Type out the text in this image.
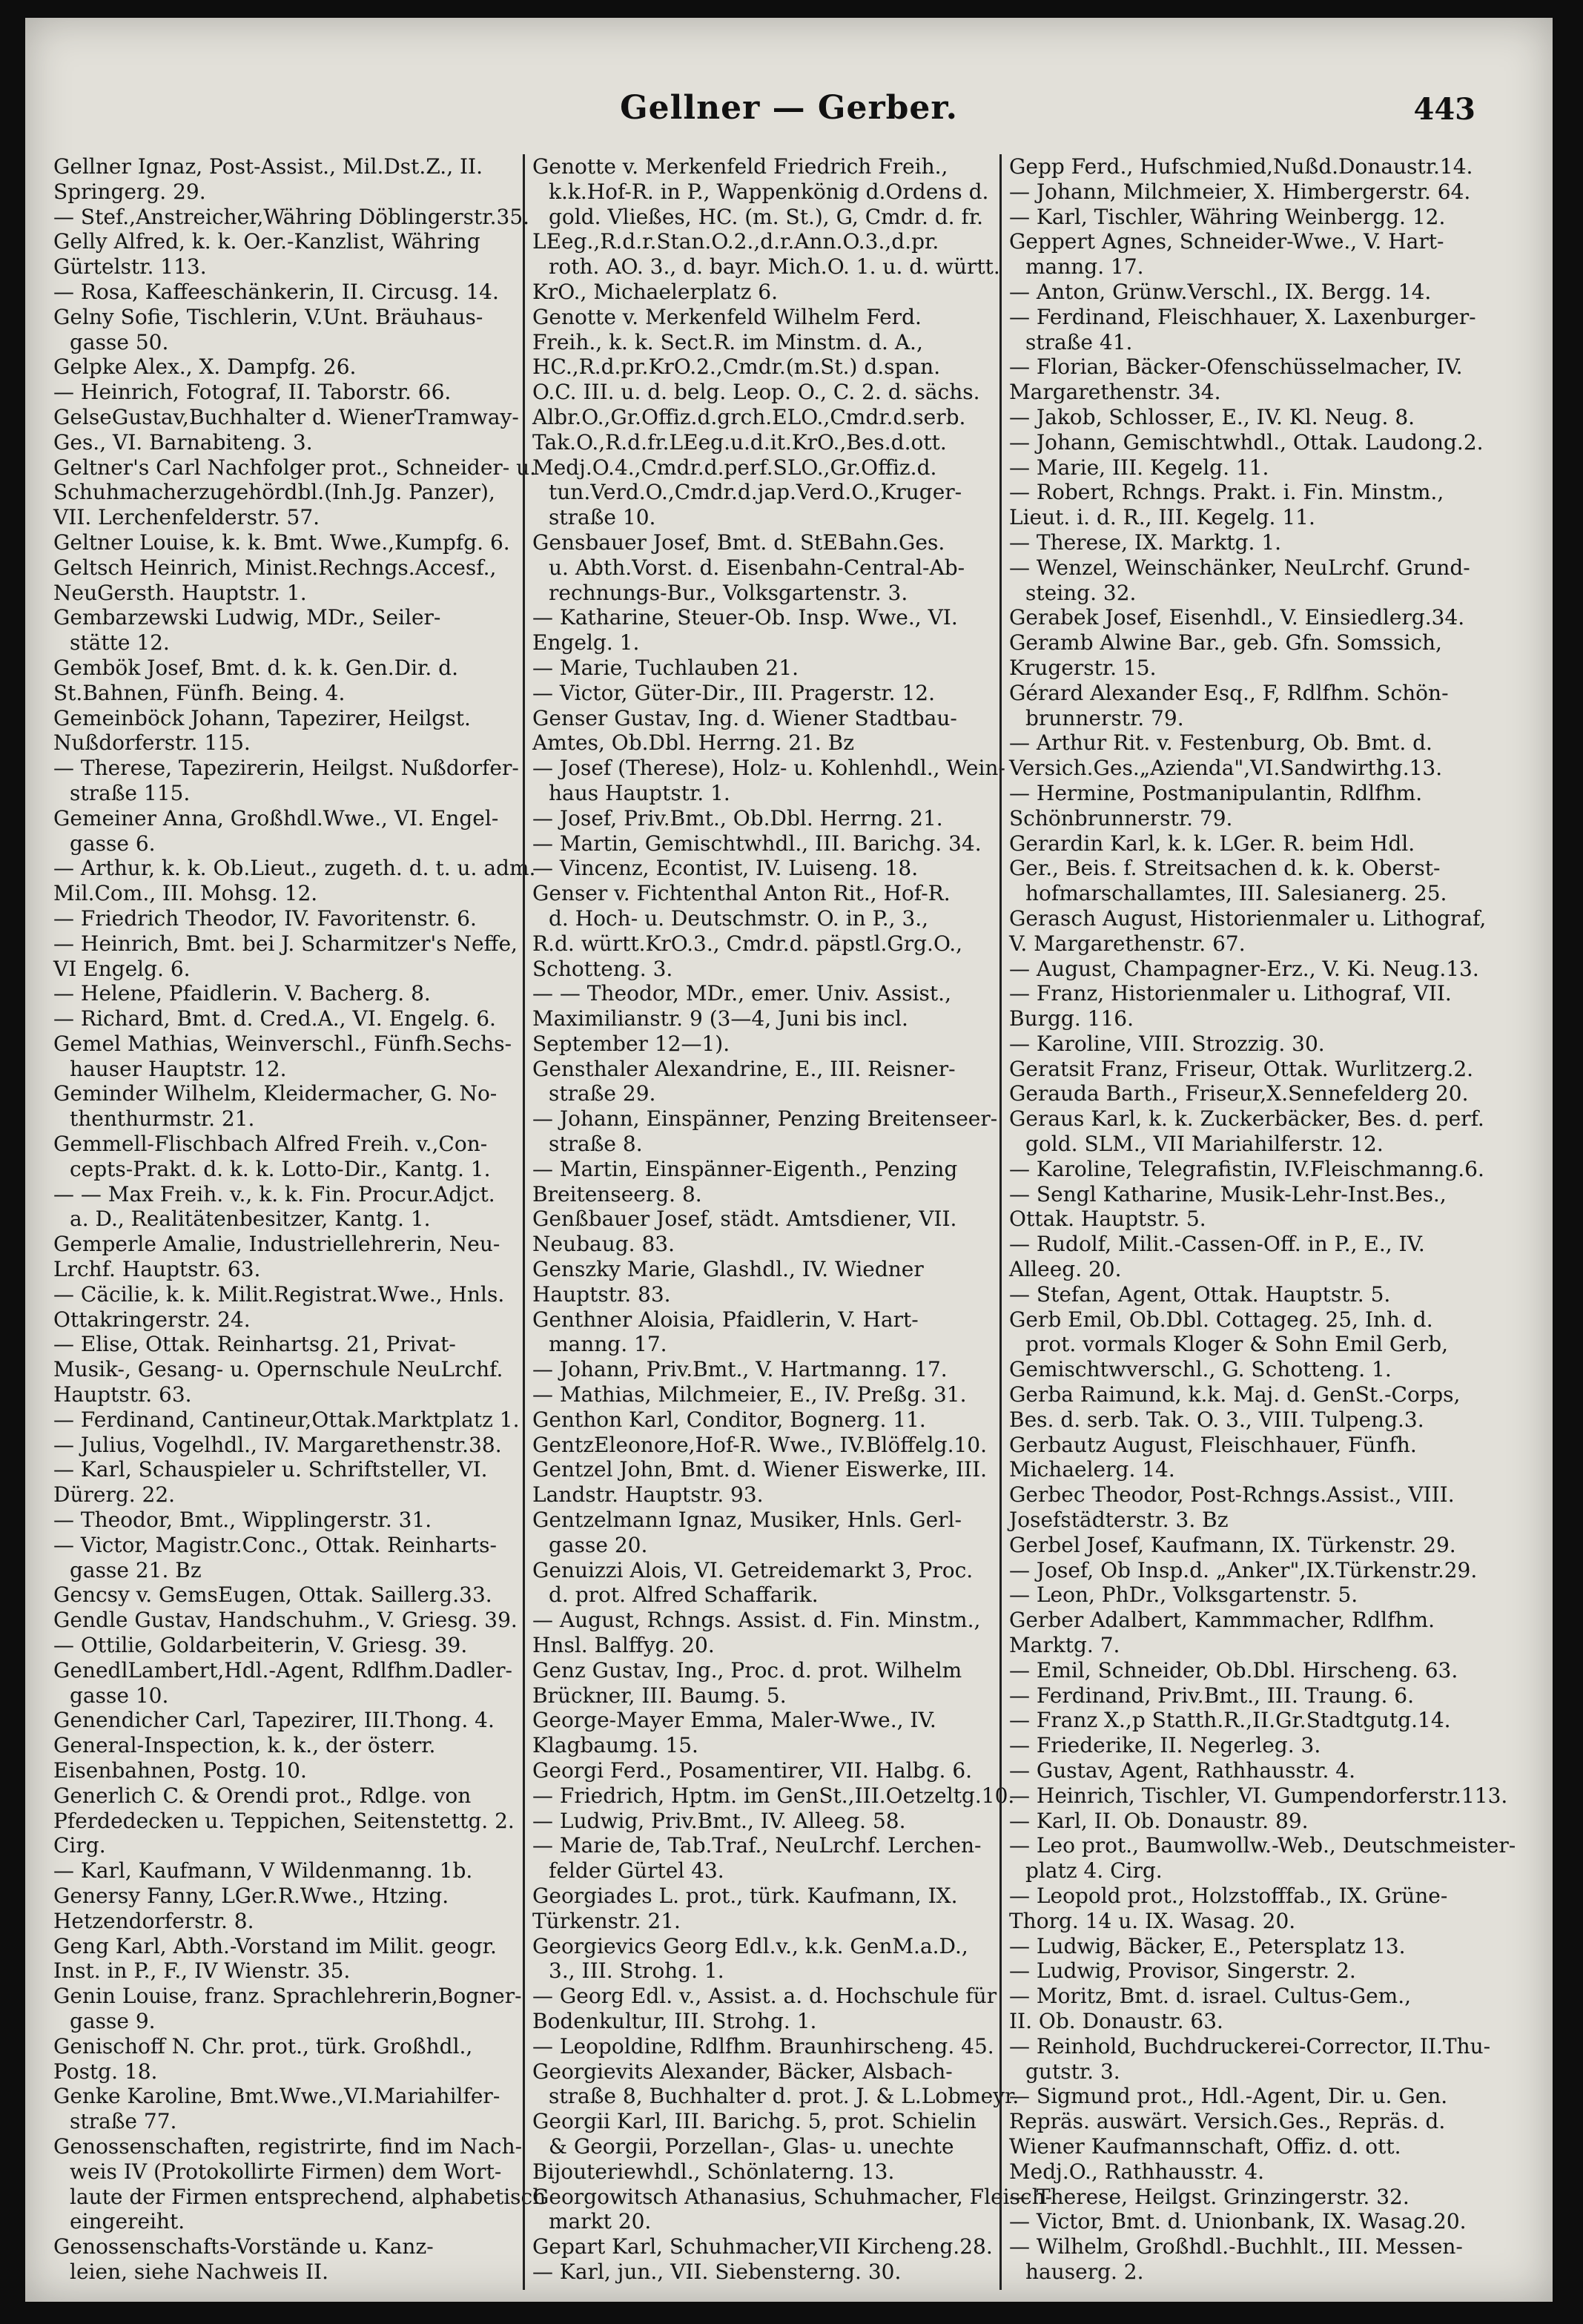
Gellner — Gerber.	443
Gellner Ignaz, Post-Assist., Mil.Dst.Z., II.
Springerg. 29.
— Stef.,Anstreicher,Währing Döblingerstr.35.
Gelly Alfred, k. k. Oer.-Kanzlist, Währing
Gürtelstr. 113.
— Rosa, Kaffeeschänkerin, II. Circusg. 14.
Gelny Sofie, Tischlerin, V.Unt. Bräuhaus-
gasse 50.
Gelpke Alex., X. Dampfg. 26.
— Heinrich, Fotograf, II. Taborstr. 66.
GelseGustav,Buchhalter d. WienerTramway-
Ges., VI. Barnabiteng. 3.
Geltner's Carl Nachfolger prot., Schneider- u.
Schuhmacherzugehördbl.(Inh.Jg. Panzer),
VII. Lerchenfelderstr. 57.
Geltner Louise, k. k. Bmt. Wwe.,Kumpfg. 6.
Geltsch Heinrich, Minist.Rechngs.Accesf.,
NeuGersth. Hauptstr. 1.
Gembarzewski Ludwig, MDr., Seiler-
stätte 12.
Gembök Josef, Bmt. d. k. k. Gen.Dir. d.
St.Bahnen, Fünfh. Being. 4.
Gemeinböck Johann, Tapezirer, Heilgst.
Nußdorferstr. 115.
— Therese, Tapezirerin, Heilgst. Nußdorfer-
straße 115.
Gemeiner Anna, Großhdl.Wwe., VI. Engel-
gasse 6.
— Arthur, k. k. Ob.Lieut., zugeth. d. t. u. adm.
Mil.Com., III. Mohsg. 12.
— Friedrich Theodor, IV. Favoritenstr. 6.
— Heinrich, Bmt. bei J. Scharmitzer's Neffe,
VI Engelg. 6.
— Helene, Pfaidlerin. V. Bacherg. 8.
— Richard, Bmt. d. Cred.A., VI. Engelg. 6.
Gemel Mathias, Weinverschl., Fünfh.Sechs-
hauser Hauptstr. 12.
Geminder Wilhelm, Kleidermacher, G. No-
thenthurmstr. 21.
Gemmell-Flischbach Alfred Freih. v.,Con-
cepts-Prakt. d. k. k. Lotto-Dir., Kantg. 1.
— — Max Freih. v., k. k. Fin. Procur.Adjct.
a. D., Realitätenbesitzer, Kantg. 1.
Gemperle Amalie, Industriellehrerin, Neu-
Lrchf. Hauptstr. 63.
— Cäcilie, k. k. Milit.Registrat.Wwe., Hnls.
Ottakringerstr. 24.
— Elise, Ottak. Reinhartsg. 21, Privat-
Musik-, Gesang- u. Opernschule NeuLrchf.
Hauptstr. 63.
— Ferdinand, Cantineur,Ottak.Marktplatz 1.
— Julius, Vogelhdl., IV. Margarethenstr.38.
— Karl, Schauspieler u. Schriftsteller, VI.
Dürerg. 22.
— Theodor, Bmt., Wipplingerstr. 31.
— Victor, Magistr.Conc., Ottak. Reinharts-
gasse 21. Bz
Gencsy v. GemsEugen, Ottak. Saillerg.33.
Gendle Gustav, Handschuhm., V. Griesg. 39.
— Ottilie, Goldarbeiterin, V. Griesg. 39.
GenedlLambert,Hdl.-Agent, Rdlfhm.Dadler-
gasse 10.
Genendicher Carl, Tapezirer, III.Thong. 4.
General-Inspection, k. k., der österr.
Eisenbahnen, Postg. 10.
Generlich C. & Orendi prot., Rdlge. von
Pferdedecken u. Teppichen, Seitenstettg. 2.
Cirg.
— Karl, Kaufmann, V Wildenmanng. 1b.
Genersy Fanny, LGer.R.Wwe., Htzing.
Hetzendorferstr. 8.
Geng Karl, Abth.-Vorstand im Milit. geogr.
Inst. in P., F., IV Wienstr. 35.
Genin Louise, franz. Sprachlehrerin,Bogner-
gasse 9.
Genischoff N. Chr. prot., türk. Großhdl.,
Postg. 18.
Genke Karoline, Bmt.Wwe.,VI.Mariahilfer-
straße 77.
Genossenschaften, registrirte, find im Nach-
weis IV (Protokollirte Firmen) dem Wort-
laute der Firmen entsprechend, alphabetisch
eingereiht.
Genossenschafts-Vorstände u. Kanz-
leien, siehe Nachweis II.
Genotte v. Merkenfeld Friedrich Freih.,
k.k.Hof-R. in P., Wappenkönig d.Ordens d.
gold. Vließes, HC. (m. St.), G, Cmdr. d. fr.
LEeg.,R.d.r.Stan.O.2.,d.r.Ann.O.3.,d.pr.
roth. AO. 3., d. bayr. Mich.O. 1. u. d. württ.
KrO., Michaelerplatz 6.
Genotte v. Merkenfeld Wilhelm Ferd.
Freih., k. k. Sect.R. im Minstm. d. A.,
HC.,R.d.pr.KrO.2.,Cmdr.(m.St.) d.span.
O.C. III. u. d. belg. Leop. O., C. 2. d. sächs.
Albr.O.,Gr.Offiz.d.grch.ELO.,Cmdr.d.serb.
Tak.O.,R.d.fr.LEeg.u.d.it.KrO.,Bes.d.ott.
Medj.O.4.,Cmdr.d.perf.SLO.,Gr.Offiz.d.
tun.Verd.O.,Cmdr.d.jap.Verd.O.,Kruger-
straße 10.
Gensbauer Josef, Bmt. d. StEBahn.Ges.
u. Abth.Vorst. d. Eisenbahn-Central-Ab-
rechnungs-Bur., Volksgartenstr. 3.
— Katharine, Steuer-Ob. Insp. Wwe., VI.
Engelg. 1.
— Marie, Tuchlauben 21.
— Victor, Güter-Dir., III. Pragerstr. 12.
Genser Gustav, Ing. d. Wiener Stadtbau-
Amtes, Ob.Dbl. Herrng. 21. Bz
— Josef (Therese), Holz- u. Kohlenhdl., Wein-
haus Hauptstr. 1.
— Josef, Priv.Bmt., Ob.Dbl. Herrng. 21.
— Martin, Gemischtwhdl., III. Barichg. 34.
— Vincenz, Econtist, IV. Luiseng. 18.
Genser v. Fichtenthal Anton Rit., Hof-R.
d. Hoch- u. Deutschmstr. O. in P., 3.,
R.d. württ.KrO.3., Cmdr.d. päpstl.Grg.O.,
Schotteng. 3.
— — Theodor, MDr., emer. Univ. Assist.,
Maximilianstr. 9 (3—4, Juni bis incl.
September 12—1).
Gensthaler Alexandrine, E., III. Reisner-
straße 29.
— Johann, Einspänner, Penzing Breitenseer-
straße 8.
— Martin, Einspänner-Eigenth., Penzing
Breitenseerg. 8.
Genßbauer Josef, städt. Amtsdiener, VII.
Neubaug. 83.
Genszky Marie, Glashdl., IV. Wiedner
Hauptstr. 83.
Genthner Aloisia, Pfaidlerin, V. Hart-
manng. 17.
— Johann, Priv.Bmt., V. Hartmanng. 17.
— Mathias, Milchmeier, E., IV. Preßg. 31.
Genthon Karl, Conditor, Bognerg. 11.
GentzEleonore,Hof-R. Wwe., IV.Blöffelg.10.
Gentzel John, Bmt. d. Wiener Eiswerke, III.
Landstr. Hauptstr. 93.
Gentzelmann Ignaz, Musiker, Hnls. Gerl-
gasse 20.
Genuizzi Alois, VI. Getreidemarkt 3, Proc.
d. prot. Alfred Schaffarik.
— August, Rchngs. Assist. d. Fin. Minstm.,
Hnsl. Balffyg. 20.
Genz Gustav, Ing., Proc. d. prot. Wilhelm
Brückner, III. Baumg. 5.
George-Mayer Emma, Maler-Wwe., IV.
Klagbaumg. 15.
Georgi Ferd., Posamentirer, VII. Halbg. 6.
— Friedrich, Hptm. im GenSt.,III.Oetzeltg.10.
— Ludwig, Priv.Bmt., IV. Alleeg. 58.
— Marie de, Tab.Traf., NeuLrchf. Lerchen-
felder Gürtel 43.
Georgiades L. prot., türk. Kaufmann, IX.
Türkenstr. 21.
Georgievics Georg Edl.v., k.k. GenM.a.D.,
3., III. Strohg. 1.
— Georg Edl. v., Assist. a. d. Hochschule für
Bodenkultur, III. Strohg. 1.
— Leopoldine, Rdlfhm. Braunhirscheng. 45.
Georgievits Alexander, Bäcker, Alsbach-
straße 8, Buchhalter d. prot. J. & L.Lobmeyr.
Georgii Karl, III. Barichg. 5, prot. Schielin
& Georgii, Porzellan-, Glas- u. unechte
Bijouteriewhdl., Schönlaterng. 13.
Georgowitsch Athanasius, Schuhmacher, Fleisch-
markt 20.
Gepart Karl, Schuhmacher,VII Kircheng.28.
— Karl, jun., VII. Siebensterng. 30.
Gepp Ferd., Hufschmied,Nußd.Donaustr.14.
— Johann, Milchmeier, X. Himbergerstr. 64.
— Karl, Tischler, Währing Weinbergg. 12.
Geppert Agnes, Schneider-Wwe., V. Hart-
manng. 17.
— Anton, Grünw.Verschl., IX. Bergg. 14.
— Ferdinand, Fleischhauer, X. Laxenburger-
straße 41.
— Florian, Bäcker-Ofenschüsselmacher, IV.
Margarethenstr. 34.
— Jakob, Schlosser, E., IV. Kl. Neug. 8.
— Johann, Gemischtwhdl., Ottak. Laudong.2.
— Marie, III. Kegelg. 11.
— Robert, Rchngs. Prakt. i. Fin. Minstm.,
Lieut. i. d. R., III. Kegelg. 11.
— Therese, IX. Marktg. 1.
— Wenzel, Weinschänker, NeuLrchf. Grund-
steing. 32.
Gerabek Josef, Eisenhdl., V. Einsiedlerg.34.
Geramb Alwine Bar., geb. Gfn. Somssich,
Krugerstr. 15.
Gérard Alexander Esq., F, Rdlfhm. Schön-
brunnerstr. 79.
— Arthur Rit. v. Festenburg, Ob. Bmt. d.
Versich.Ges.„Azienda",VI.Sandwirthg.13.
— Hermine, Postmanipulantin, Rdlfhm.
Schönbrunnerstr. 79.
Gerardin Karl, k. k. LGer. R. beim Hdl.
Ger., Beis. f. Streitsachen d. k. k. Oberst-
hofmarschallamtes, III. Salesianerg. 25.
Gerasch August, Historienmaler u. Lithograf,
V. Margarethenstr. 67.
— August, Champagner-Erz., V. Ki. Neug.13.
— Franz, Historienmaler u. Lithograf, VII.
Burgg. 116.
— Karoline, VIII. Strozzig. 30.
Geratsit Franz, Friseur, Ottak. Wurlitzerg.2.
Gerauda Barth., Friseur,X.Sennefelderg 20.
Geraus Karl, k. k. Zuckerbäcker, Bes. d. perf.
gold. SLM., VII Mariahilferstr. 12.
— Karoline, Telegrafistin, IV.Fleischmanng.6.
— Sengl Katharine, Musik-Lehr-Inst.Bes.,
Ottak. Hauptstr. 5.
— Rudolf, Milit.-Cassen-Off. in P., E., IV.
Alleeg. 20.
— Stefan, Agent, Ottak. Hauptstr. 5.
Gerb Emil, Ob.Dbl. Cottageg. 25, Inh. d.
prot. vormals Kloger & Sohn Emil Gerb,
Gemischtwverschl., G. Schotteng. 1.
Gerba Raimund, k.k. Maj. d. GenSt.-Corps,
Bes. d. serb. Tak. O. 3., VIII. Tulpeng.3.
Gerbautz August, Fleischhauer, Fünfh.
Michaelerg. 14.
Gerbec Theodor, Post-Rchngs.Assist., VIII.
Josefstädterstr. 3. Bz
Gerbel Josef, Kaufmann, IX. Türkenstr. 29.
— Josef, Ob Insp.d. „Anker",IX.Türkenstr.29.
— Leon, PhDr., Volksgartenstr. 5.
Gerber Adalbert, Kammmacher, Rdlfhm.
Marktg. 7.
— Emil, Schneider, Ob.Dbl. Hirscheng. 63.
— Ferdinand, Priv.Bmt., III. Traung. 6.
— Franz X.,p Statth.R.,II.Gr.Stadtgutg.14.
— Friederike, II. Negerleg. 3.
— Gustav, Agent, Rathhausstr. 4.
— Heinrich, Tischler, VI. Gumpendorferstr.113.
— Karl, II. Ob. Donaustr. 89.
— Leo prot., Baumwollw.-Web., Deutschmeister-
platz 4. Cirg.
— Leopold prot., Holzstofffab., IX. Grüne-
Thorg. 14 u. IX. Wasag. 20.
— Ludwig, Bäcker, E., Petersplatz 13.
— Ludwig, Provisor, Singerstr. 2.
— Moritz, Bmt. d. israel. Cultus-Gem.,
II. Ob. Donaustr. 63.
— Reinhold, Buchdruckerei-Corrector, II.Thu-
gutstr. 3.
— Sigmund prot., Hdl.-Agent, Dir. u. Gen.
Repräs. auswärt. Versich.Ges., Repräs. d.
Wiener Kaufmannschaft, Offiz. d. ott.
Medj.O., Rathhausstr. 4.
— Therese, Heilgst. Grinzingerstr. 32.
— Victor, Bmt. d. Unionbank, IX. Wasag.20.
— Wilhelm, Großhdl.-Buchhlt., III. Messen-
hauserg. 2.
